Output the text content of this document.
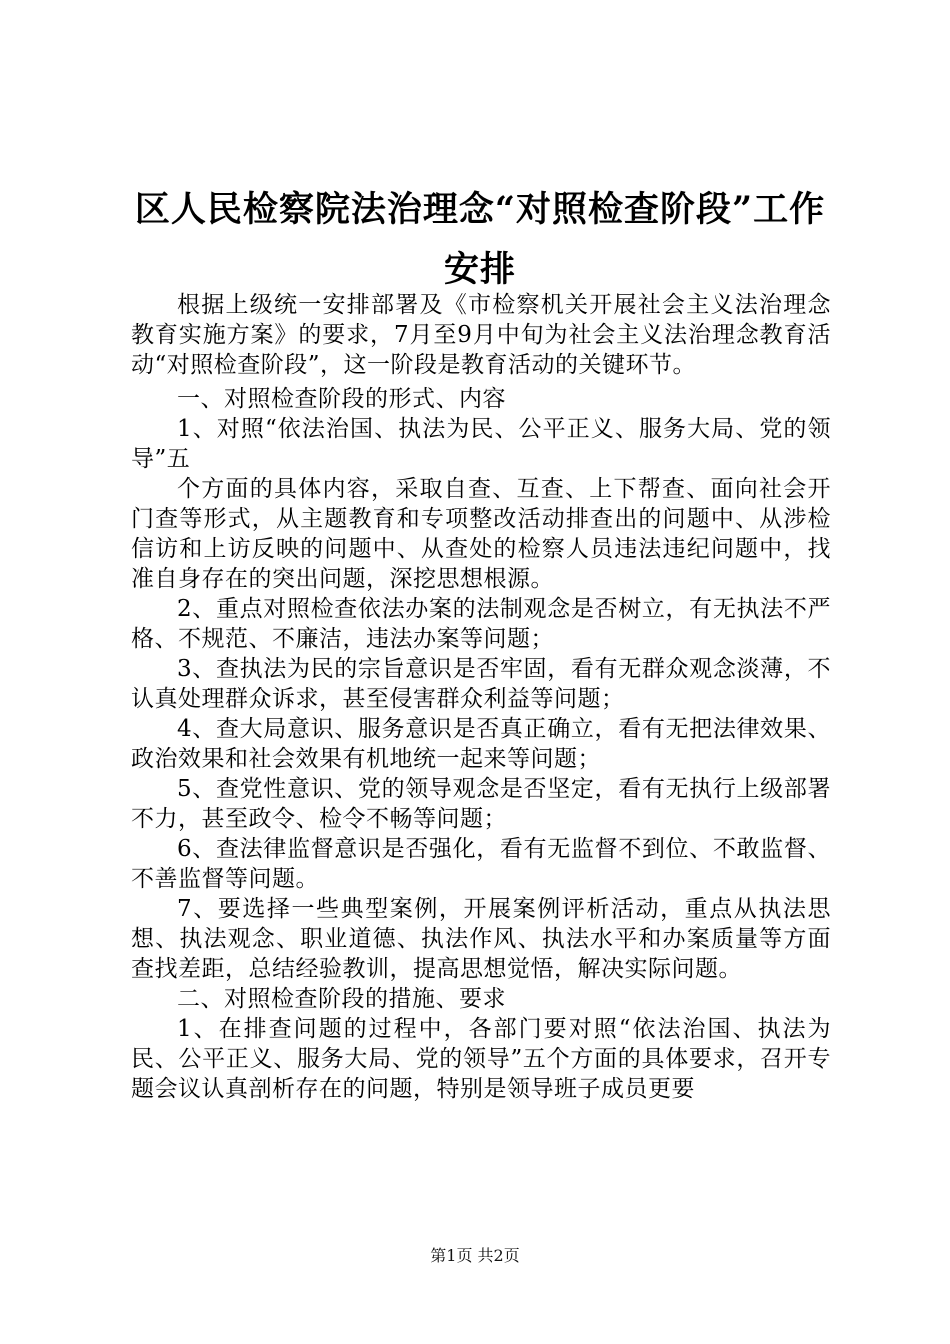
区人民检察院法治理念“对照检查阶段”工作安排

根据上级统一安排部署及《市检察机关开展社会主义法治理念教育实施方案》的要求，7月至9月中旬为社会主义法治理念教育活动“对照检查阶段”，这一阶段是教育活动的关键环节。

一、对照检查阶段的形式、内容

1、对照“依法治国、执法为民、公平正义、服务大局、党的领导”五

个方面的具体内容，采取自查、互查、上下帮查、面向社会开门查等形式，从主题教育和专项整改活动排查出的问题中、从涉检信访和上访反映的问题中、从查处的检察人员违法违纪问题中，找准自身存在的突出问题，深挖思想根源。

2、重点对照检查依法办案的法制观念是否树立，有无执法不严格、不规范、不廉洁，违法办案等问题；

3、查执法为民的宗旨意识是否牢固，看有无群众观念淡薄，不认真处理群众诉求，甚至侵害群众利益等问题；

4、查大局意识、服务意识是否真正确立，看有无把法律效果、政治效果和社会效果有机地统一起来等问题；

5、查党性意识、党的领导观念是否坚定，看有无执行上级部署不力，甚至政令、检令不畅等问题；

6、查法律监督意识是否强化，看有无监督不到位、不敢监督、不善监督等问题。

7、要选择一些典型案例，开展案例评析活动，重点从执法思想、执法观念、职业道德、执法作风、执法水平和办案质量等方面查找差距，总结经验教训，提高思想觉悟，解决实际问题。

二、对照检查阶段的措施、要求

1、在排查问题的过程中，各部门要对照“依法治国、执法为民、公平正义、服务大局、党的领导”五个方面的具体要求，召开专题会议认真剖析存在的问题，特别是领导班子成员更要

第1页 共2页
